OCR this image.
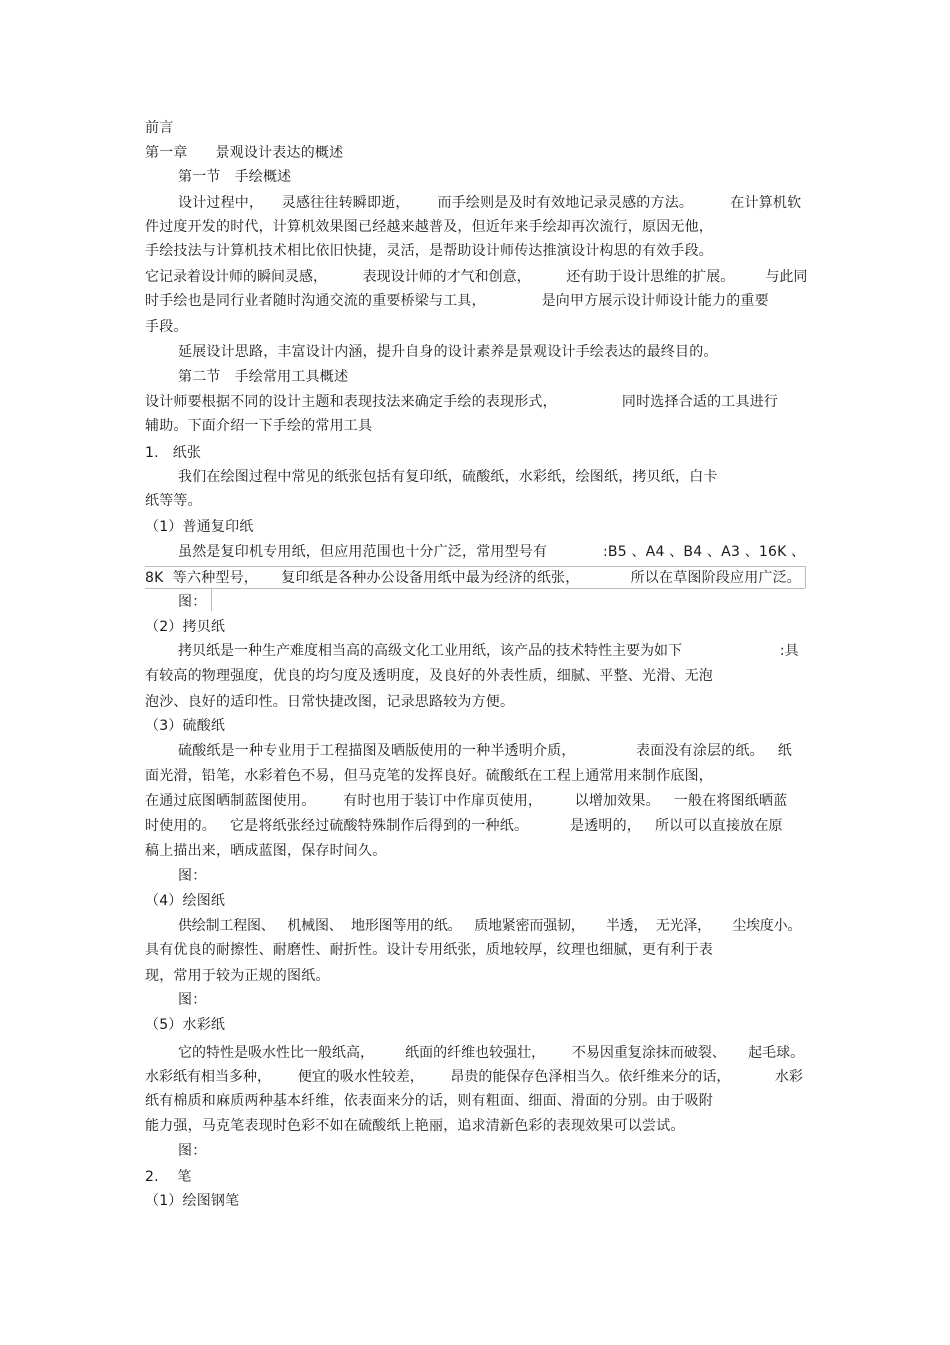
前言
第一章      景观设计表达的概述
第一节   手绘概述
设计过程中，    灵感往往转瞬即逝，      而手绘则是及时有效地记录灵感的方法。        在计算机软
件过度开发的时代，计算机效果图已经越来越普及，但近年来手绘却再次流行，原因无他，
手绘技法与计算机技术相比依旧快捷，灵活，是帮助设计师传达推演设计构思的有效手段。
它记录着设计师的瞬间灵感，        表现设计师的才气和创意，        还有助于设计思维的扩展。       与此同
时手绘也是同行业者随时沟通交流的重要桥梁与工具，            是向甲方展示设计师设计能力的重要
手段。
延展设计思路，丰富设计内涵，提升自身的设计素养是景观设计手绘表达的最终目的。
第二节   手绘常用工具概述
设计师要根据不同的设计主题和表现技法来确定手绘的表现形式，              同时选择合适的工具进行
辅助。下面介绍一下手绘的常用工具
1.   纸张
我们在绘图过程中常见的纸张包括有复印纸，硫酸纸，水彩纸，绘图纸，拷贝纸，白卡
纸等等。
（1）普通复印纸
虽然是复印机专用纸，但应用范围也十分广泛，常用型号有            :B5 、A4 、B4 、A3 、16K 、
8K  等六种型号，     复印纸是各种办公设备用纸中最为经济的纸张，           所以在草图阶段应用广泛。
图：
（2）拷贝纸
拷贝纸是一种生产难度相当高的高级文化工业用纸，该产品的技术特性主要为如下                      :具
有较高的物理强度，优良的均匀度及透明度，及良好的外表性质，细腻、平整、光滑、无泡
泡沙、良好的适印性。日常快捷改图，记录思路较为方便。
（3）硫酸纸
硫酸纸是一种专业用于工程描图及晒版使用的一种半透明介质，             表面没有涂层的纸。   纸
面光滑，铅笔，水彩着色不易，但马克笔的发挥良好。硫酸纸在工程上通常用来制作底图，
在通过底图晒制蓝图使用。      有时也用于装订中作扉页使用，       以增加效果。   一般在将图纸晒蓝
时使用的。   它是将纸张经过硫酸特殊制作后得到的一种纸。         是透明的，   所以可以直接放在原
稿上描出来，晒成蓝图，保存时间久。
图：
（4）绘图纸
供绘制工程图、   机械图、  地形图等用的纸。   质地紧密而强韧，     半透，  无光泽，     尘埃度小。
具有优良的耐擦性、耐磨性、耐折性。设计专用纸张，质地较厚，纹理也细腻，更有利于表
现，常用于较为正规的图纸。
图：
（5）水彩纸
它的特性是吸水性比一般纸高，       纸面的纤维也较强壮，      不易因重复涂抹而破裂、     起毛球。
水彩纸有相当多种，      便宜的吸水性较差，      昂贵的能保存色泽相当久。依纤维来分的话，          水彩
纸有棉质和麻质两种基本纤维，依表面来分的话，则有粗面、细面、滑面的分别。由于吸附
能力强，马克笔表现时色彩不如在硫酸纸上艳丽，追求清新色彩的表现效果可以尝试。
图：
2.    笔
（1）绘图钢笔
